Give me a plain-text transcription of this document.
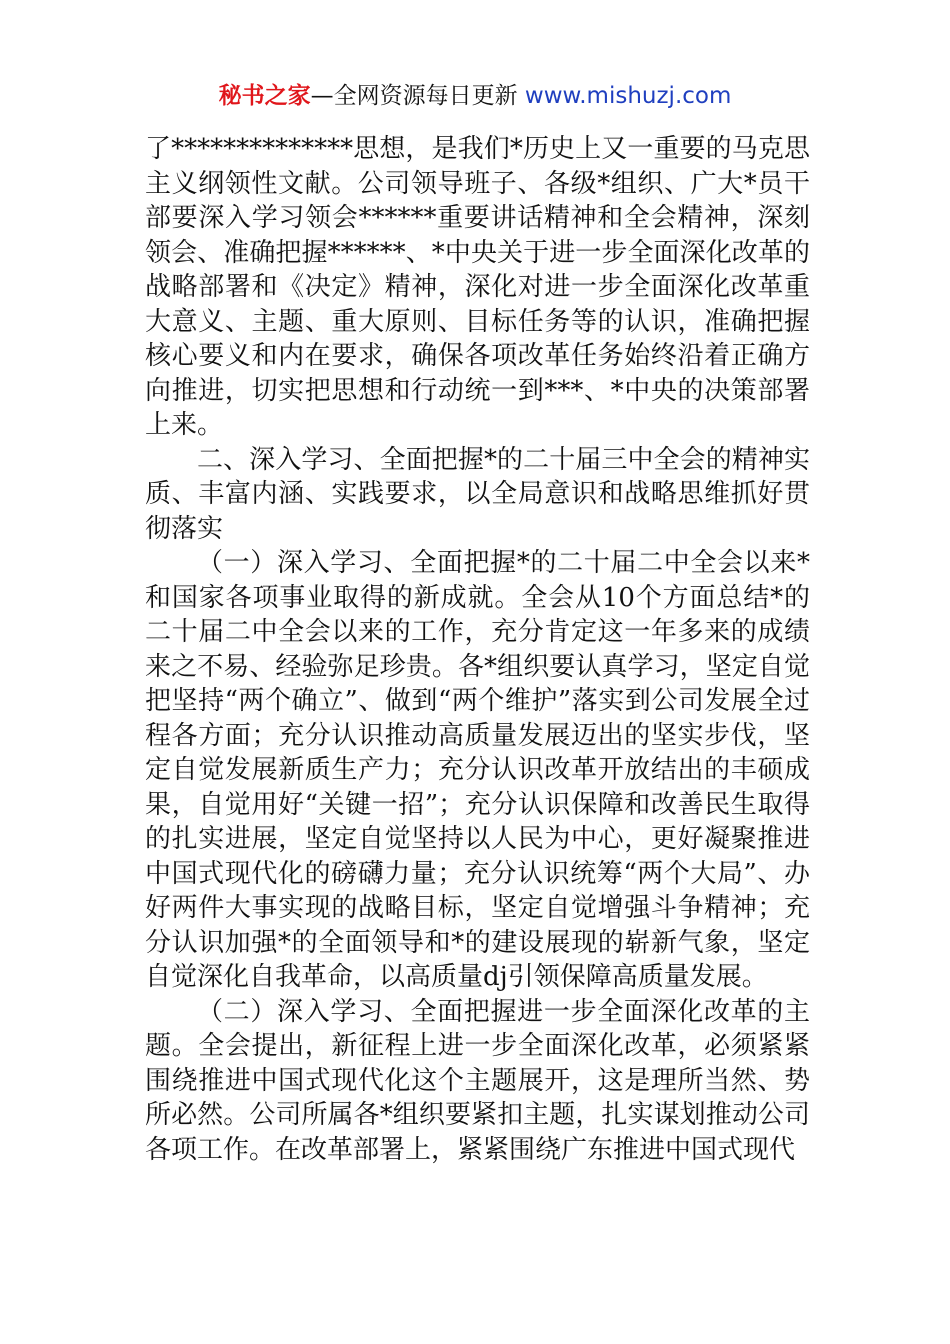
秘书之家—全网资源每日更新 www.mishuzj.com

了**************思想，是我们*历史上又一重要的马克思主义纲领性文献。公司领导班子、各级*组织、广大*员干部要深入学习领会******重要讲话精神和全会精神，深刻领会、准确把握******、*中央关于进一步全面深化改革的战略部署和《决定》精神，深化对进一步全面深化改革重大意义、主题、重大原则、目标任务等的认识，准确把握核心要义和内在要求，确保各项改革任务始终沿着正确方向推进，切实把思想和行动统一到***、*中央的决策部署上来。

二、深入学习、全面把握*的二十届三中全会的精神实质、丰富内涵、实践要求，以全局意识和战略思维抓好贯彻落实

（一）深入学习、全面把握*的二十届二中全会以来*和国家各项事业取得的新成就。全会从10个方面总结*的二十届二中全会以来的工作，充分肯定这一年多来的成绩来之不易、经验弥足珍贵。各*组织要认真学习，坚定自觉把坚持“两个确立”、做到“两个维护”落实到公司发展全过程各方面；充分认识推动高质量发展迈出的坚实步伐，坚定自觉发展新质生产力；充分认识改革开放结出的丰硕成果，自觉用好“关键一招”；充分认识保障和改善民生取得的扎实进展，坚定自觉坚持以人民为中心，更好凝聚推进中国式现代化的磅礴力量；充分认识统筹“两个大局”、办好两件大事实现的战略目标，坚定自觉增强斗争精神；充分认识加强*的全面领导和*的建设展现的崭新气象，坚定自觉深化自我革命，以高质量dj引领保障高质量发展。

（二）深入学习、全面把握进一步全面深化改革的主题。全会提出，新征程上进一步全面深化改革，必须紧紧围绕推进中国式现代化这个主题展开，这是理所当然、势所必然。公司所属各*组织要紧扣主题，扎实谋划推动公司各项工作。在改革部署上，紧紧围绕广东推进中国式现代
